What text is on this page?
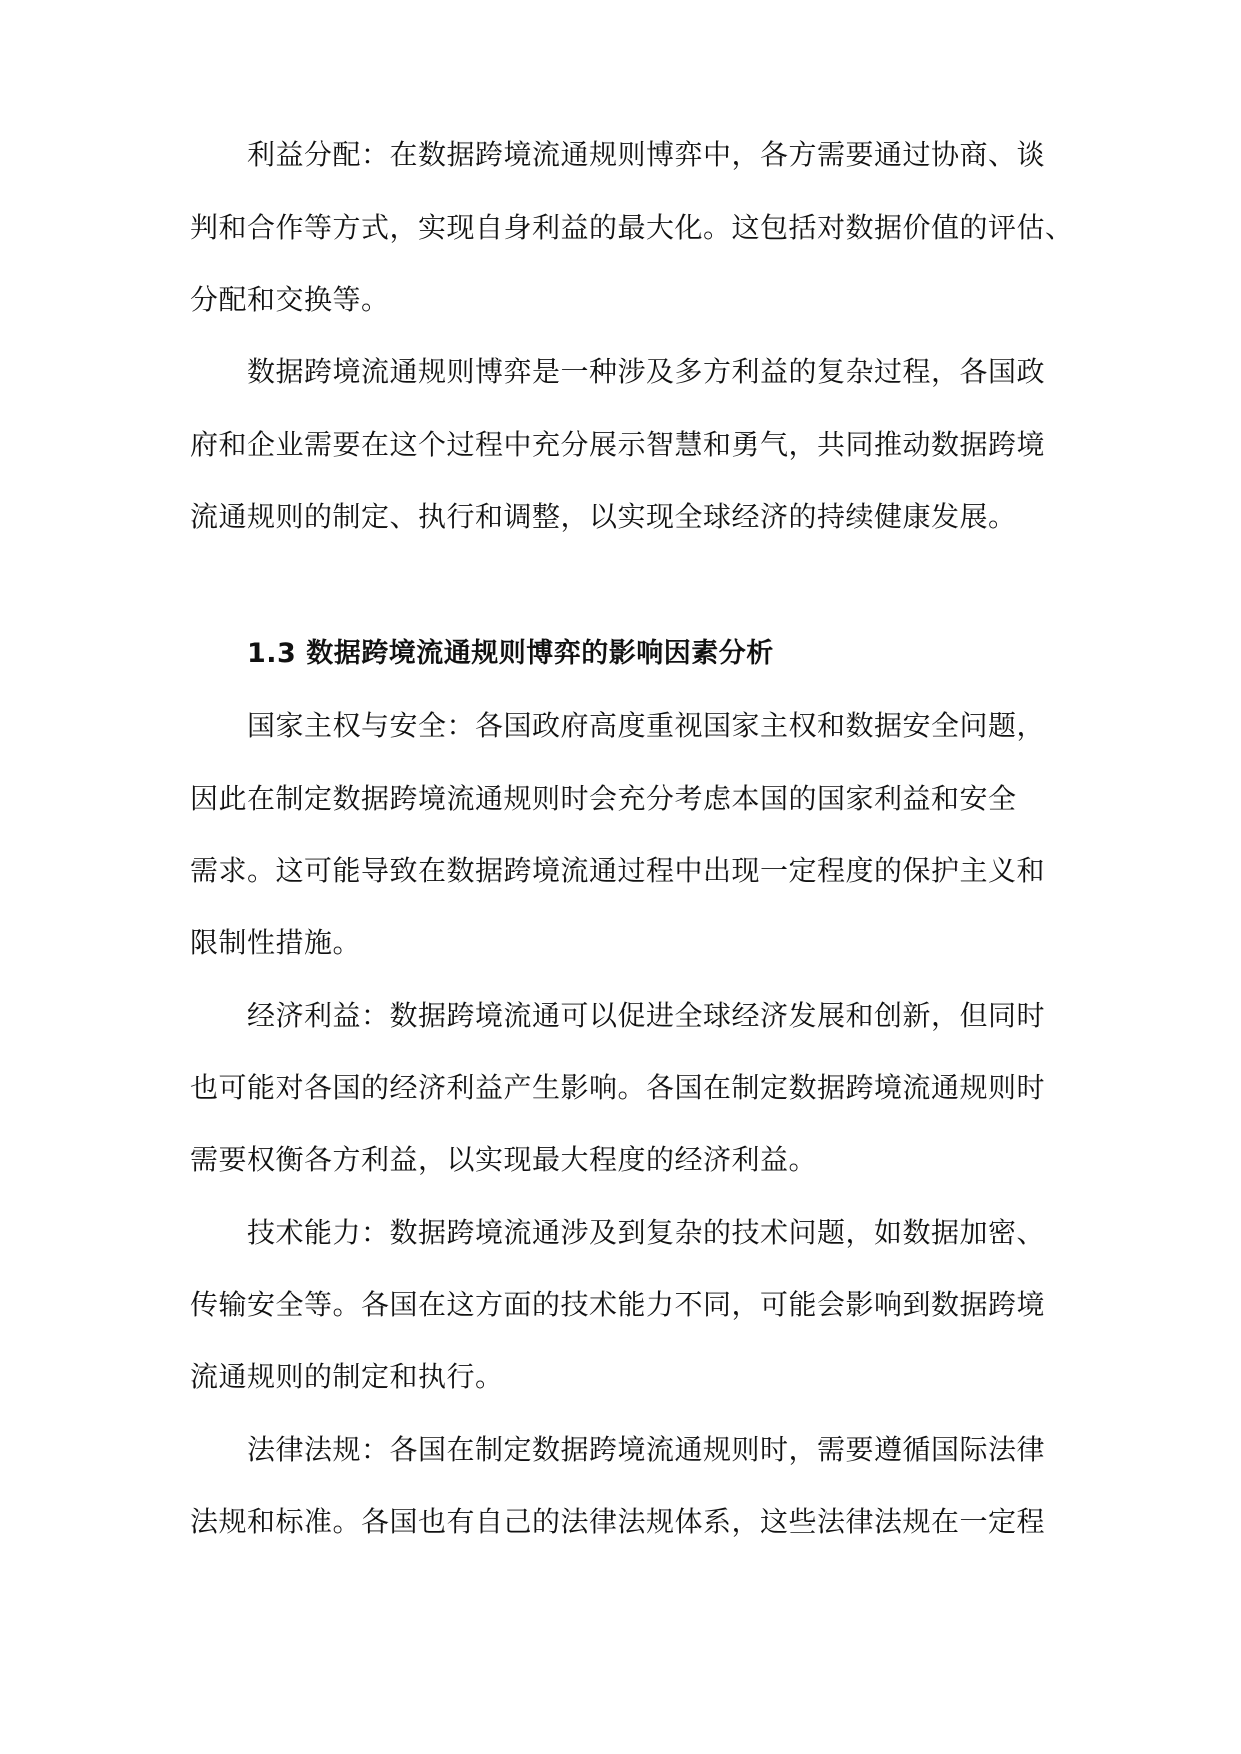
利益分配：在数据跨境流通规则博弈中，各方需要通过协商、谈
判和合作等方式，实现自身利益的最大化。这包括对数据价值的评估、
分配和交换等。
数据跨境流通规则博弈是一种涉及多方利益的复杂过程，各国政
府和企业需要在这个过程中充分展示智慧和勇气，共同推动数据跨境
流通规则的制定、执行和调整，以实现全球经济的持续健康发展。
1.3 数据跨境流通规则博弈的影响因素分析
国家主权与安全：各国政府高度重视国家主权和数据安全问题，
因此在制定数据跨境流通规则时会充分考虑本国的国家利益和安全
需求。这可能导致在数据跨境流通过程中出现一定程度的保护主义和
限制性措施。
经济利益：数据跨境流通可以促进全球经济发展和创新，但同时
也可能对各国的经济利益产生影响。各国在制定数据跨境流通规则时
需要权衡各方利益，以实现最大程度的经济利益。
技术能力：数据跨境流通涉及到复杂的技术问题，如数据加密、
传输安全等。各国在这方面的技术能力不同，可能会影响到数据跨境
流通规则的制定和执行。
法律法规：各国在制定数据跨境流通规则时，需要遵循国际法律
法规和标准。各国也有自己的法律法规体系，这些法律法规在一定程
